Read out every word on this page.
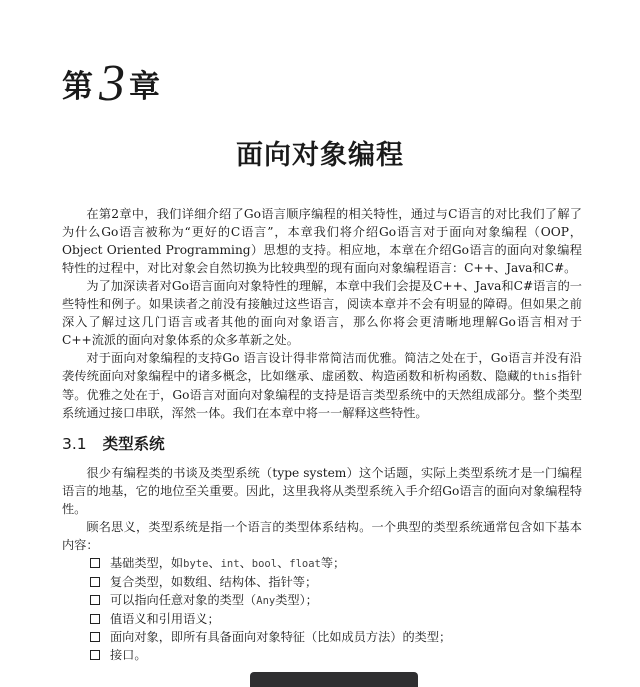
第 3 章
面向对象编程

在第2章中，我们详细介绍了Go语言顺序编程的相关特性，通过与C语言的对比我们了解了为什么Go语言被称为“更好的C语言”，本章我们将介绍Go语言对于面向对象编程（OOP，Object Oriented Programming）思想的支持。相应地，本章在介绍Go语言的面向对象编程特性的过程中，对比对象会自然切换为比较典型的现有面向对象编程语言：C++、Java和C#。

为了加深读者对Go语言面向对象特性的理解，本章中我们会提及C++、Java和C#语言的一些特性和例子。如果读者之前没有接触过这些语言，阅读本章并不会有明显的障碍。但如果之前深入了解过这几门语言或者其他的面向对象语言，那么你将会更清晰地理解Go语言相对于C++流派的面向对象体系的众多革新之处。

对于面向对象编程的支持Go 语言设计得非常简洁而优雅。简洁之处在于，Go语言并没有沿袭传统面向对象编程中的诸多概念，比如继承、虚函数、构造函数和析构函数、隐藏的this指针等。优雅之处在于，Go语言对面向对象编程的支持是语言类型系统中的天然组成部分。整个类型系统通过接口串联，浑然一体。我们在本章中将一一解释这些特性。

3.1 类型系统

很少有编程类的书谈及类型系统（type system）这个话题，实际上类型系统才是一门编程语言的地基，它的地位至关重要。因此，这里我将从类型系统入手介绍Go语言的面向对象编程特性。

顾名思义，类型系统是指一个语言的类型体系结构。一个典型的类型系统通常包含如下基本内容：

基础类型，如byte、int、bool、float等；
复合类型，如数组、结构体、指针等；
可以指向任意对象的类型（Any类型）；
值语义和引用语义；
面向对象，即所有具备面向对象特征（比如成员方法）的类型；
接口。
